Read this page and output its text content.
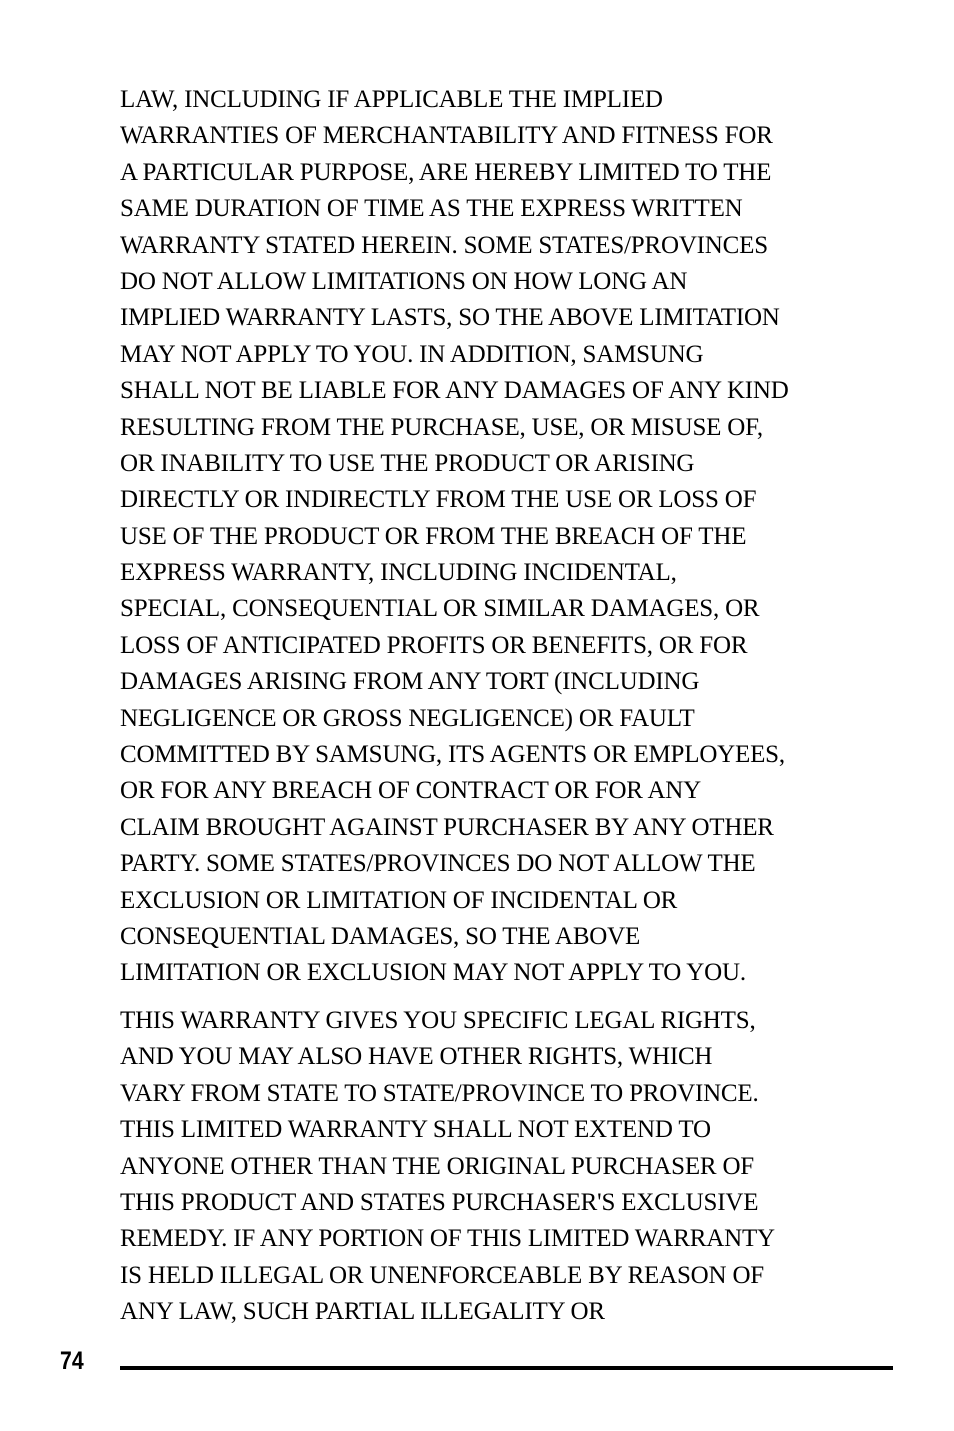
LAW, INCLUDING IF APPLICABLE THE IMPLIED
WARRANTIES OF MERCHANTABILITY AND FITNESS FOR
A PARTICULAR PURPOSE, ARE HEREBY LIMITED TO THE
SAME DURATION OF TIME AS THE EXPRESS WRITTEN
WARRANTY STATED HEREIN. SOME STATES/PROVINCES
DO NOT ALLOW LIMITATIONS ON HOW LONG AN
IMPLIED WARRANTY LASTS, SO THE ABOVE LIMITATION
MAY NOT APPLY TO YOU. IN ADDITION, SAMSUNG
SHALL NOT BE LIABLE FOR ANY DAMAGES OF ANY KIND
RESULTING FROM THE PURCHASE, USE, OR MISUSE OF,
OR INABILITY TO USE THE PRODUCT OR ARISING
DIRECTLY OR INDIRECTLY FROM THE USE OR LOSS OF
USE OF THE PRODUCT OR FROM THE BREACH OF THE
EXPRESS WARRANTY, INCLUDING INCIDENTAL,
SPECIAL, CONSEQUENTIAL OR SIMILAR DAMAGES, OR
LOSS OF ANTICIPATED PROFITS OR BENEFITS, OR FOR
DAMAGES ARISING FROM ANY TORT (INCLUDING
NEGLIGENCE OR GROSS NEGLIGENCE) OR FAULT
COMMITTED BY SAMSUNG, ITS AGENTS OR EMPLOYEES,
OR FOR ANY BREACH OF CONTRACT OR FOR ANY
CLAIM BROUGHT AGAINST PURCHASER BY ANY OTHER
PARTY. SOME STATES/PROVINCES DO NOT ALLOW THE
EXCLUSION OR LIMITATION OF INCIDENTAL OR
CONSEQUENTIAL DAMAGES, SO THE ABOVE
LIMITATION OR EXCLUSION MAY NOT APPLY TO YOU.
THIS WARRANTY GIVES YOU SPECIFIC LEGAL RIGHTS,
AND YOU MAY ALSO HAVE OTHER RIGHTS, WHICH
VARY FROM STATE TO STATE/PROVINCE TO PROVINCE.
THIS LIMITED WARRANTY SHALL NOT EXTEND TO
ANYONE OTHER THAN THE ORIGINAL PURCHASER OF
THIS PRODUCT AND STATES PURCHASER'S EXCLUSIVE
REMEDY. IF ANY PORTION OF THIS LIMITED WARRANTY
IS HELD ILLEGAL OR UNENFORCEABLE BY REASON OF
ANY LAW, SUCH PARTIAL ILLEGALITY OR
74
